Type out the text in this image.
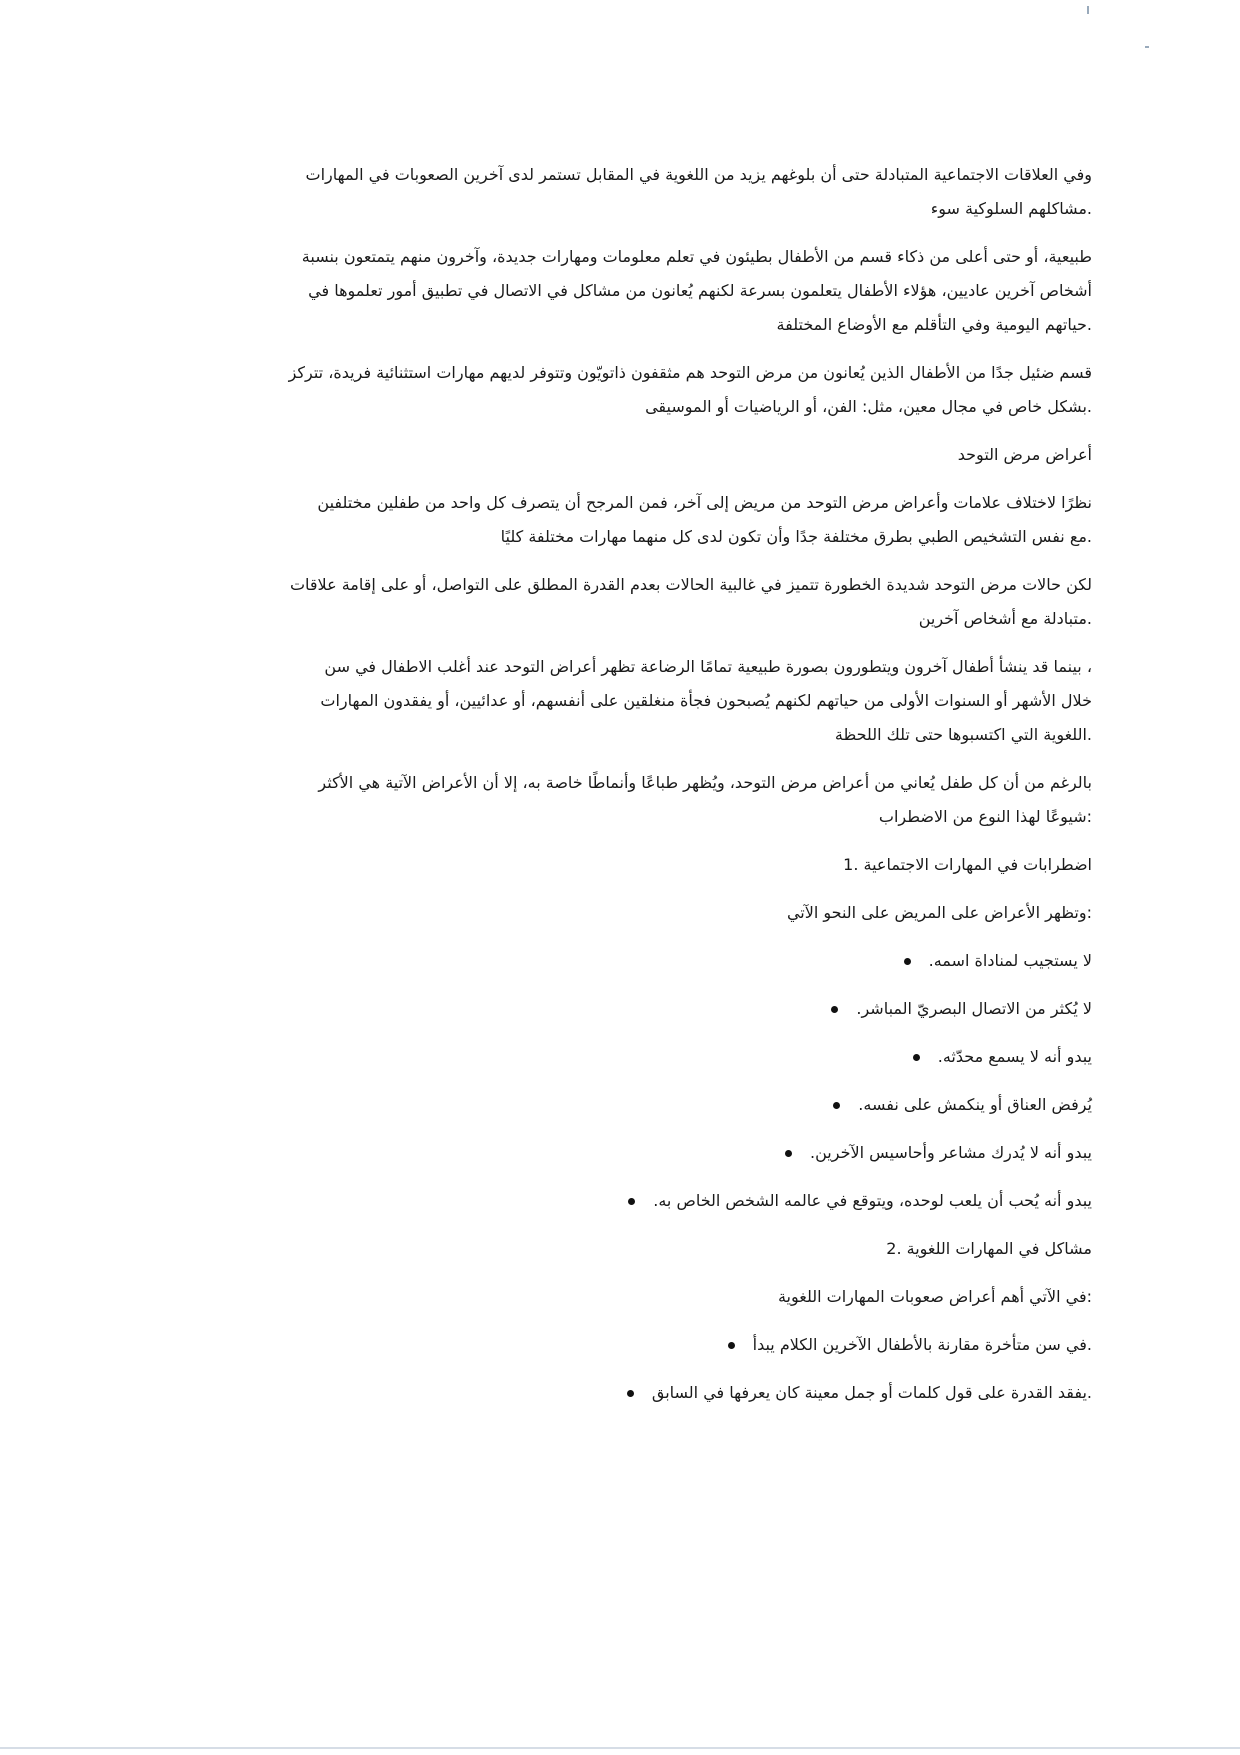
وفي العلاقات الاجتماعية المتبادلة حتى أن بلوغهم يزيد من اللغوية في المقابل تستمر لدى آخرين الصعوبات في المهارات
.مشاكلهم السلوكية سوء
طبيعية، أو حتى أعلى من ذكاء قسم من الأطفال بطيئون في تعلم معلومات ومهارات جديدة، وآخرون منهم يتمتعون بنسبة
أشخاص آخرين عاديين، هؤلاء الأطفال يتعلمون بسرعة لكنهم يُعانون من مشاكل في الاتصال في تطبيق أمور تعلموها في
.حياتهم اليومية وفي التأقلم مع الأوضاع المختلفة
قسم ضئيل جدًا من الأطفال الذين يُعانون من مرض التوحد هم مثقفون ذاتويّون وتتوفر لديهم مهارات استثنائية فريدة، تتركز
.بشكل خاص في مجال معين، مثل: الفن، أو الرياضيات أو الموسيقى
أعراض مرض التوحد
نظرًا لاختلاف علامات وأعراض مرض التوحد من مريض إلى آخر، فمن المرجح أن يتصرف كل واحد من طفلين مختلفين
.مع نفس التشخيص الطبي بطرق مختلفة جدًا وأن تكون لدى كل منهما مهارات مختلفة كليًا
لكن حالات مرض التوحد شديدة الخطورة تتميز في غالبية الحالات بعدم القدرة المطلق على التواصل، أو على إقامة علاقات
.متبادلة مع أشخاص آخرين
، بينما قد ينشأ أطفال آخرون ويتطورون بصورة طبيعية تمامًا الرضاعة تظهر أعراض التوحد عند أغلب الاطفال في سن
خلال الأشهر أو السنوات الأولى من حياتهم لكنهم يُصبحون فجأة منغلقين على أنفسهم، أو عدائيين، أو يفقدون المهارات
.اللغوية التي اكتسبوها حتى تلك اللحظة
بالرغم من أن كل طفل يُعاني من أعراض مرض التوحد، ويُظهر طباعًا وأنماطًا خاصة به، إلا أن الأعراض الآتية هي الأكثر
:شيوعًا لهذا النوع من الاضطراب
اضطرابات في المهارات الاجتماعية .1
:وتظهر الأعراض على المريض على النحو الآتي
لا يستجيب لمناداة اسمه.
لا يُكثر من الاتصال البصريّ المباشر.
يبدو أنه لا يسمع محدّثه.
يُرفض العناق أو ينكمش على نفسه.
يبدو أنه لا يُدرك مشاعر وأحاسيس الآخرين.
يبدو أنه يُحب أن يلعب لوحده، ويتوقع في عالمه الشخص الخاص به.
مشاكل في المهارات اللغوية .2
:في الآتي أهم أعراض صعوبات المهارات اللغوية
.في سن متأخرة مقارنة بالأطفال الآخرين الكلام يبدأ
.يفقد القدرة على قول كلمات أو جمل معينة كان يعرفها في السابق
